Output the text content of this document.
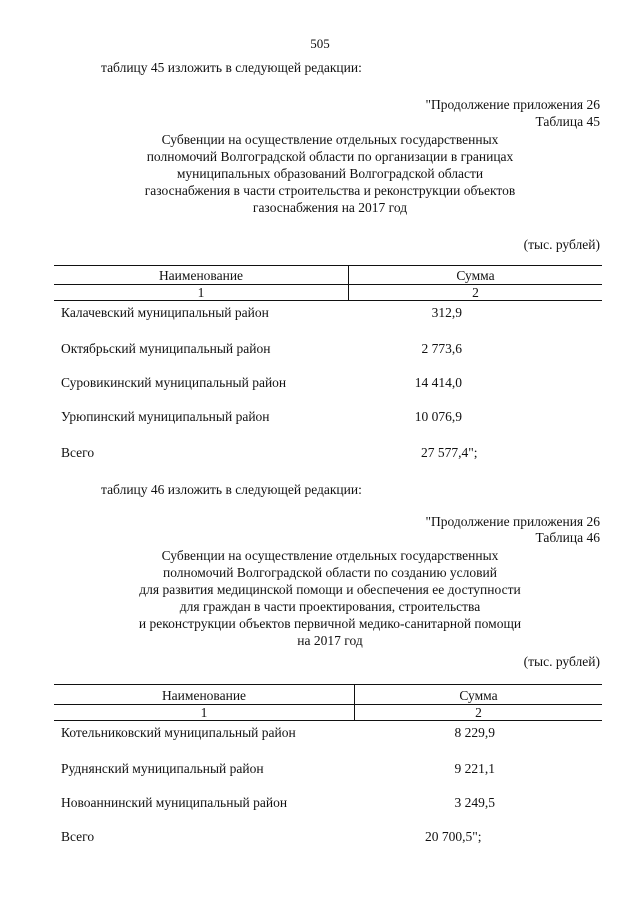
505
таблицу 45 изложить в следующей редакции:
"Продолжение приложения 26
Таблица 45
Субвенции на осуществление отдельных государственных
полномочий Волгоградской области по организации в границах
муниципальных образований Волгоградской области
газоснабжения в части строительства и реконструкции объектов
газоснабжения на 2017 год
(тыс. рублей)
Наименование	Сумма
1	2
Калачевский муниципальный район	312,9
Октябрьский муниципальный район	2 773,6
Суровикинский муниципальный район	14 414,0
Урюпинский муниципальный район	10 076,9
Всего	27 577,4";
таблицу 46 изложить в следующей редакции:
"Продолжение приложения 26
Таблица 46
Субвенции на осуществление отдельных государственных
полномочий Волгоградской области по созданию условий
для развития медицинской помощи и обеспечения ее доступности
для граждан в части проектирования, строительства
и реконструкции объектов первичной медико-санитарной помощи
на 2017 год
(тыс. рублей)
Наименование	Сумма
1	2
Котельниковский муниципальный район	8 229,9
Руднянский муниципальный район	9 221,1
Новоаннинский муниципальный район	3 249,5
Всего	20 700,5";
